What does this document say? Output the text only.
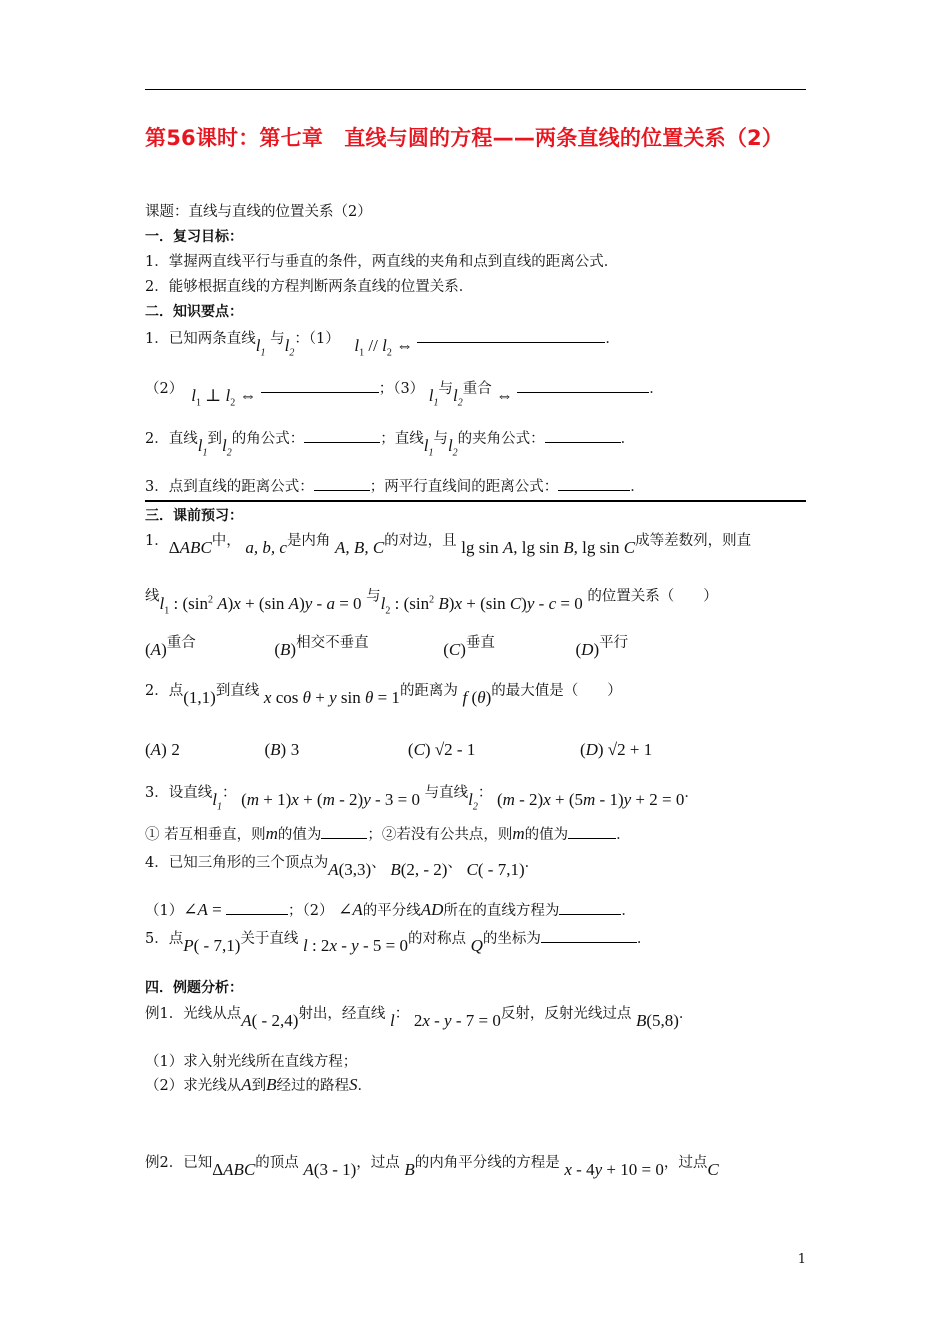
第56课时：第七章　直线与圆的方程——两条直线的位置关系（2）
课题：直线与直线的位置关系（2）
一．复习目标：
1．掌握两直线平行与垂直的条件，两直线的夹角和点到直线的距离公式．
2．能够根据直线的方程判断两条直线的位置关系．
二．知识要点：
1．已知两条直线$l_1$ 与$l_2$：（1） $l_1 // l_2$ ⇔	．
（2） $l_1$ ⊥ $l_2$ ⇔	；（3） $l_1$与$l_2$重合 ⇔	．
2．直线$l_1$到$l_2$的角公式：	；直线$l_1$与$l_2$的夹角公式：	．
3．点到直线的距离公式：	；两平行直线间的距离公式：	．
三．课前预习：
1．ΔABC中， a, b, c是内角 A, B, C的对边，且 lg sin A, lg sin B, lg sin C成等差数列，则直
线$l_1$ : ($\sin^2$ A)x + (sin A)y - a = 0 与$l_2$ : ($\sin^2$ B)x + (sin C)y - c = 0 的位置关系（　　）
(A)重合	(B)相交不垂直	(C)垂直	(D)平行
2．点(1,1)到直线 x cos θ + y sin θ = 1的距离为 f (θ)的最大值是（　　）
(A) 2	(B) 3	(C) √2 - 1	(D) √2 + 1
3．设直线$l_1$： (m + 1)x + (m - 2)y - 3 = 0 与直线$l_2$： (m - 2)x + (5m - 1)y + 2 = 0．
① 若互相垂直，则m的值为	；②若没有公共点，则m的值为	．
4．已知三角形的三个顶点为A(3,3)、 B(2, - 2)、 C( - 7,1)．
（1）∠A =	；（2） ∠A的平分线AD所在的直线方程为	．
5．点P( - 7,1)关于直线 l : 2x - y - 5 = 0的对称点 Q的坐标为	．
四．例题分析：
例1．光线从点A( - 2,4)射出，经直线 l： 2x - y - 7 = 0反射，反射光线过点 B(5,8)．
（1）求入射光线所在直线方程；
（2）求光线从A到B经过的路程S．
例2．已知ΔABC的顶点 A(3 - 1)，过点 B的内角平分线的方程是 x - 4y + 10 = 0，过点C
1
